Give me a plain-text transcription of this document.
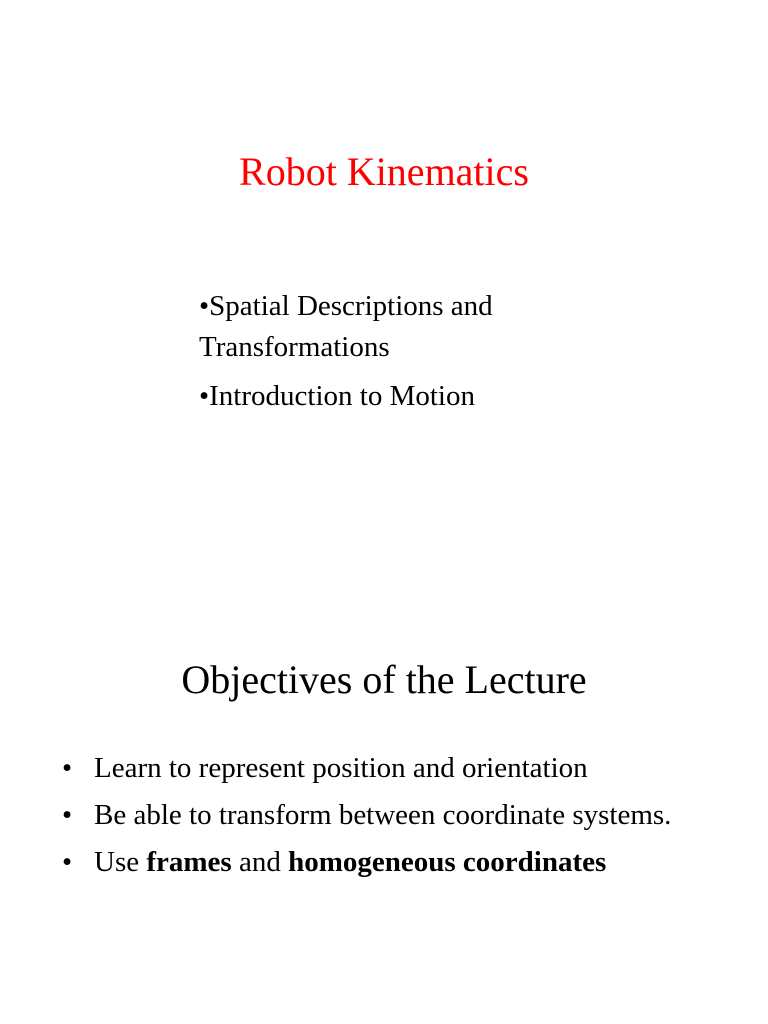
Robot Kinematics
•Spatial Descriptions and Transformations
•Introduction to Motion
Objectives of the Lecture
• Learn to represent position and orientation
• Be able to transform between coordinate systems.
• Use frames and homogeneous coordinates
